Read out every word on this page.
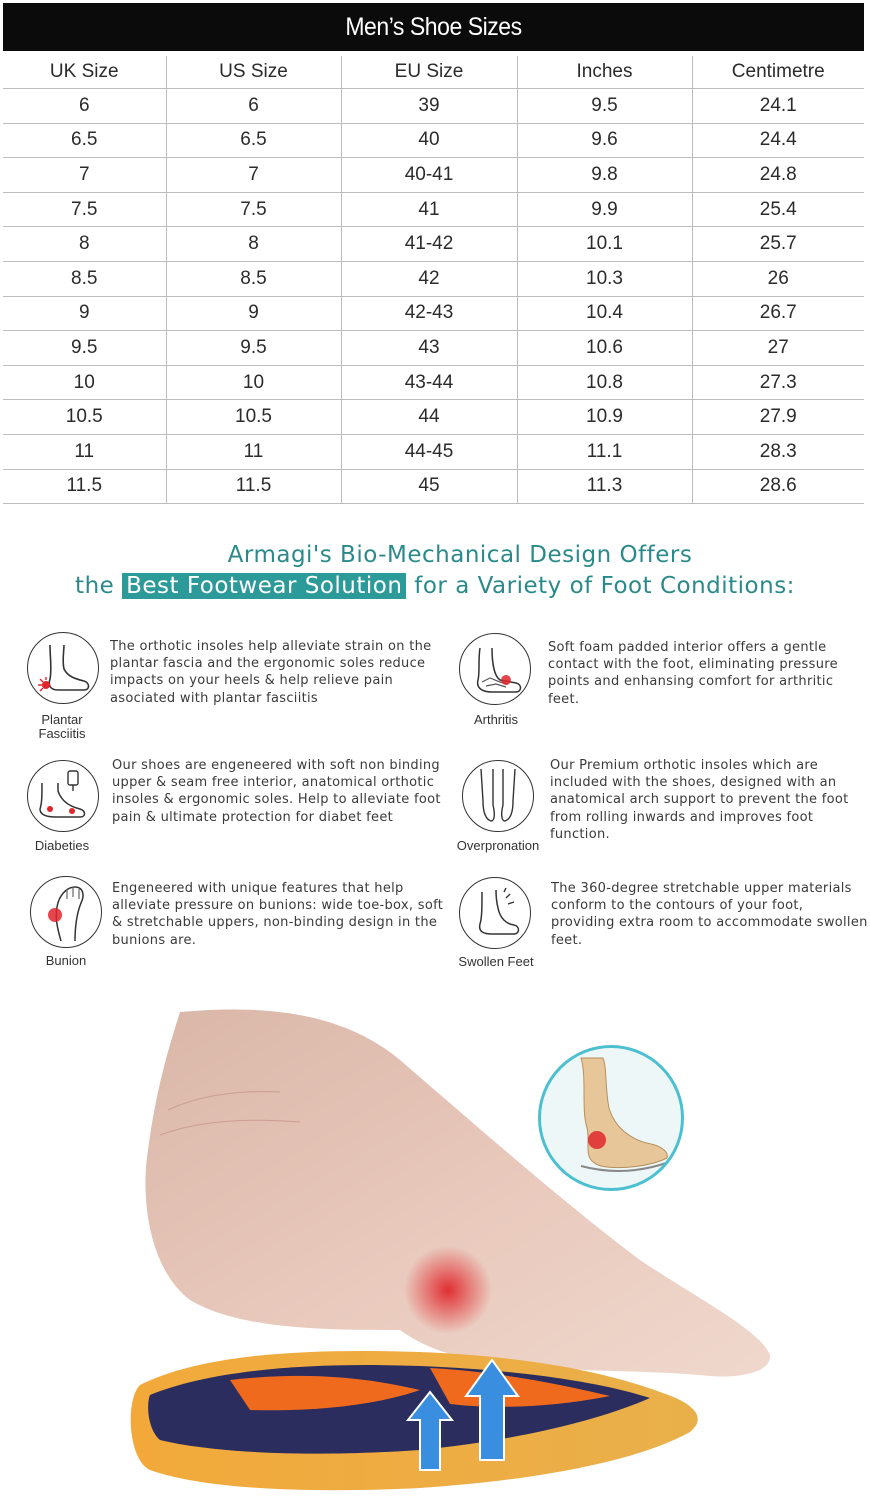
Men’s Shoe Sizes
UK Size	US Size	EU Size	Inches	Centimetre
6	6	39	9.5	24.1
6.5	6.5	40	9.6	24.4
7	7	40-41	9.8	24.8
7.5	7.5	41	9.9	25.4
8	8	41-42	10.1	25.7
8.5	8.5	42	10.3	26
9	9	42-43	10.4	26.7
9.5	9.5	43	10.6	27
10	10	43-44	10.8	27.3
10.5	10.5	44	10.9	27.9
11	11	44-45	11.1	28.3
11.5	11.5	45	11.3	28.6
Armagi's Bio-Mechanical Design Offers
the Best Footwear Solution for a Variety of Foot Conditions:
Plantar Fasciitis
The orthotic insoles help alleviate strain on the plantar fascia and the ergonomic soles reduce impacts on your heels & help relieve pain asociated with plantar fasciitis
Arthritis
Soft foam padded interior offers a gentle contact with the foot, eliminating pressure points and enhansing comfort for arthritic feet.
Diabeties
Our shoes are engeneered with soft non binding upper & seam free interior, anatomical orthotic insoles & ergonomic soles. Help to alleviate foot pain & ultimate protection for diabet feet
Overpronation
Our Premium orthotic insoles which are included with the shoes, designed with an anatomical arch support to prevent the foot from rolling inwards and improves foot function.
Bunion
Engeneered with unique features that help alleviate pressure on bunions: wide toe-box, soft & stretchable uppers, non-binding design in the bunions are.
Swollen Feet
The 360-degree stretchable upper materials conform to the contours of your foot, providing extra room to accommodate swollen feet.
